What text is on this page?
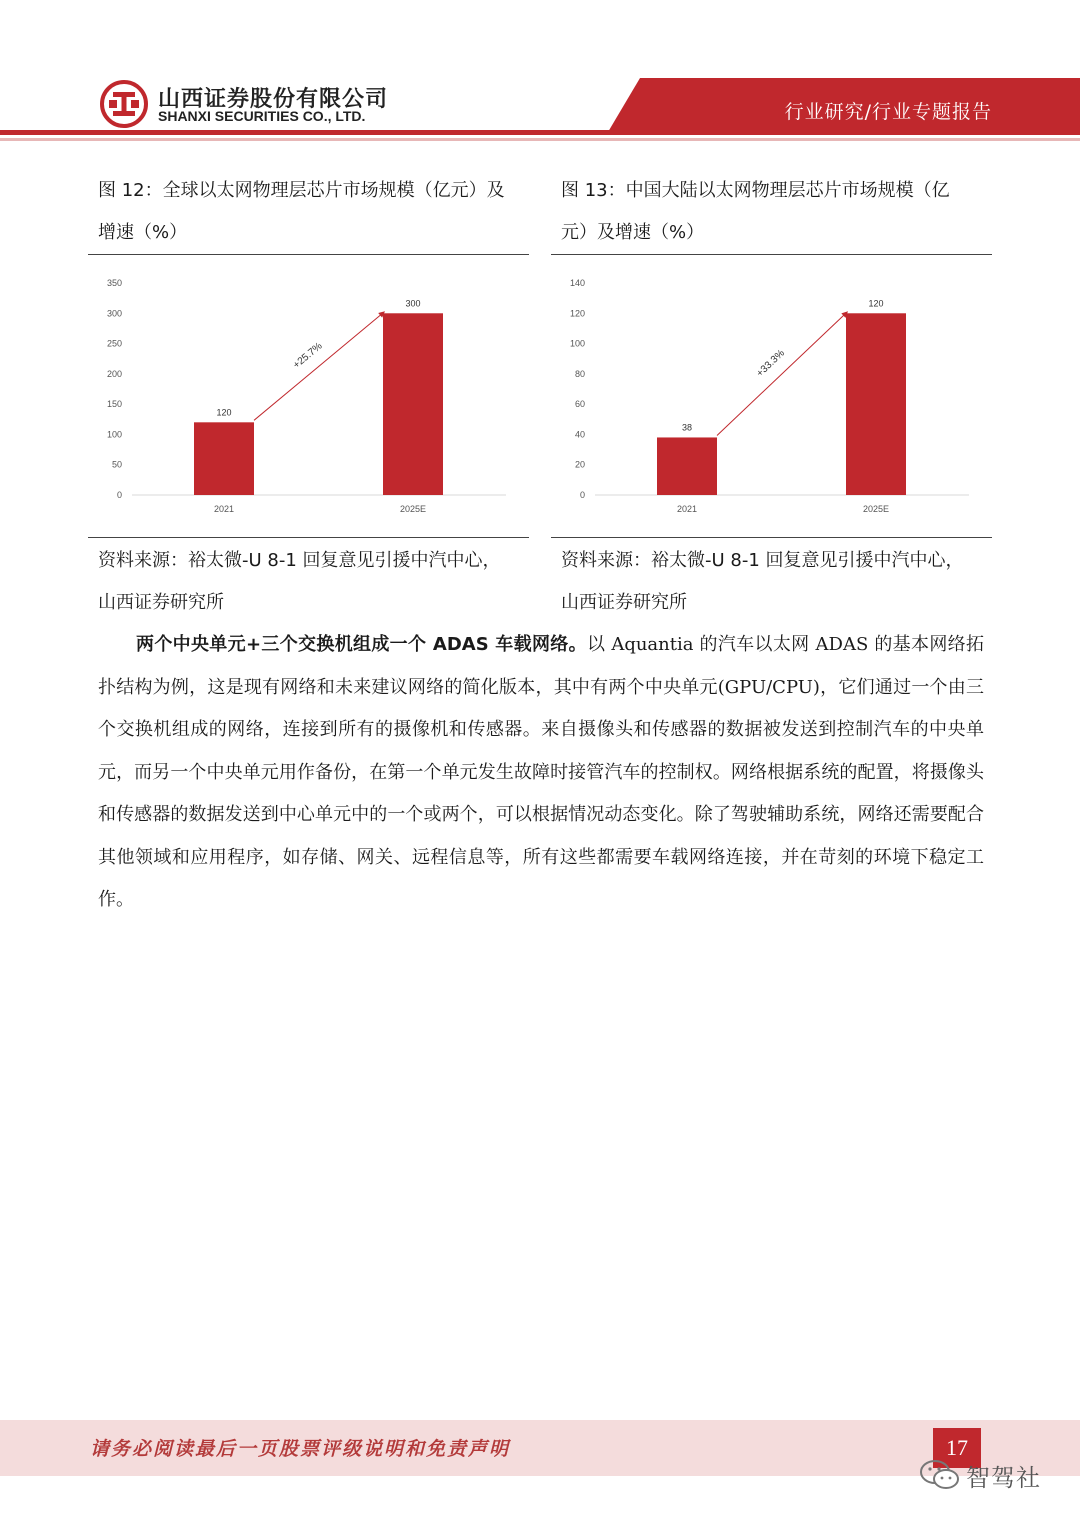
山西证券股份有限公司
SHANXI SECURITIES CO., LTD.	行业研究/行业专题报告
图 12：全球以太网物理层芯片市场规模（亿元）及
增速（%）
图 13：中国大陆以太网物理层芯片市场规模（亿
元）及增速（%）
0
50
100
150
200
250
300
350
120
2021
300
2025E
+25.7%
0
20
40
60
80
100
120
140
38
2021
120
2025E
+33.3%
资料来源：裕太微-U 8-1 回复意见引援中汽中心，
山西证券研究所
资料来源：裕太微-U 8-1 回复意见引援中汽中心，
山西证券研究所
两个中央单元+三个交换机组成一个 ADAS 车载网络。以 Aquantia 的汽车以太网 ADAS 的基本网络拓扑结构为例，这是现有网络和未来建议网络的简化版本，其中有两个中央单元(GPU/CPU)，它们通过一个由三个交换机组成的网络，连接到所有的摄像机和传感器。来自摄像头和传感器的数据被发送到控制汽车的中央单元，而另一个中央单元用作备份，在第一个单元发生故障时接管汽车的控制权。网络根据系统的配置，将摄像头和传感器的数据发送到中心单元中的一个或两个，可以根据情况动态变化。除了驾驶辅助系统，网络还需要配合其他领域和应用程序，如存储、网关、远程信息等，所有这些都需要车载网络连接，并在苛刻的环境下稳定工作。
请务必阅读最后一页股票评级说明和免责声明	17
智驾社
